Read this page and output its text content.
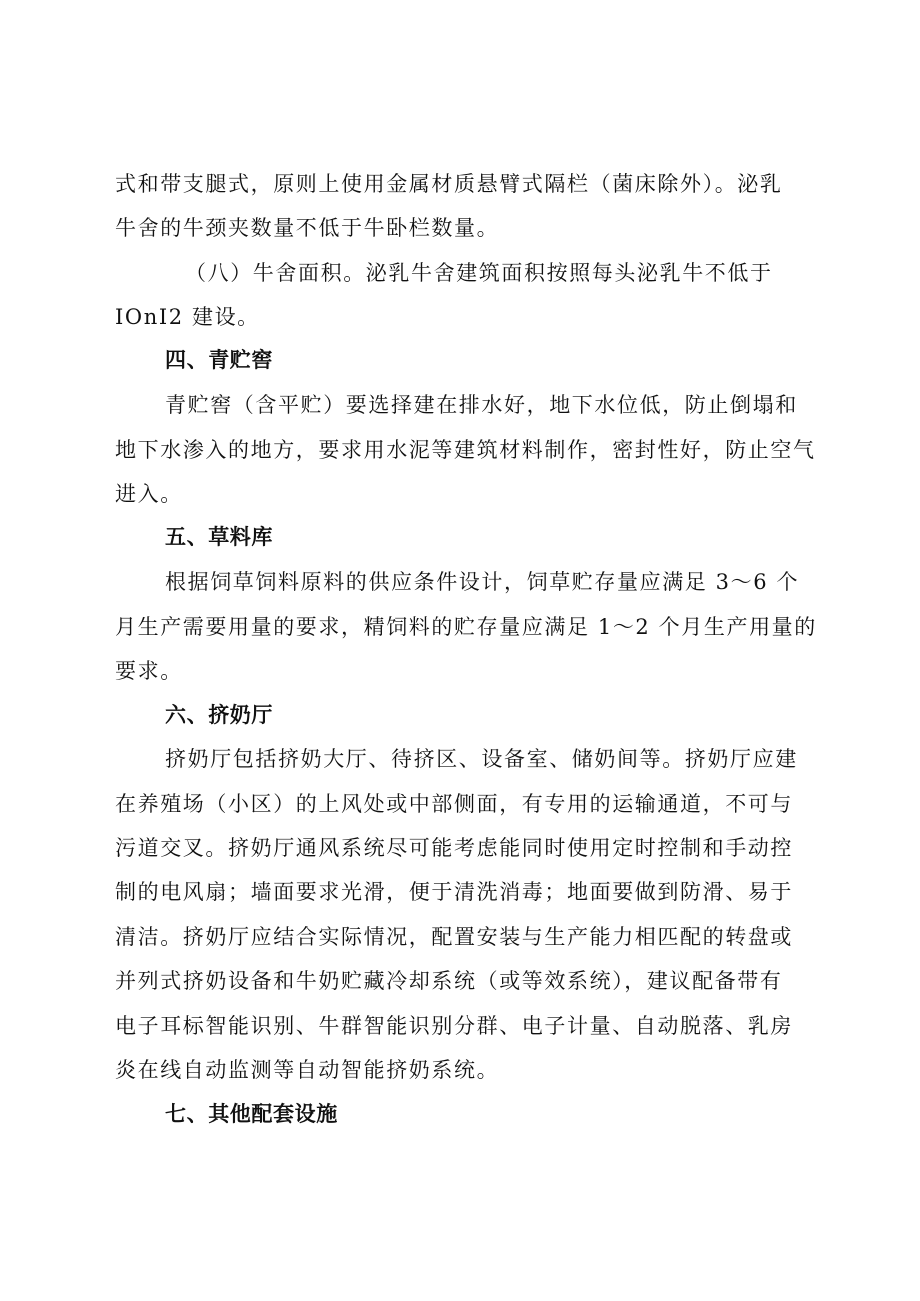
式和带支腿式，原则上使用金属材质悬臂式隔栏（菌床除外）。泌乳
牛舍的牛颈夹数量不低于牛卧栏数量。
（八）牛舍面积。泌乳牛舍建筑面积按照每头泌乳牛不低于
IOnI2 建设。
四、青贮窖
青贮窖（含平贮）要选择建在排水好，地下水位低，防止倒塌和
地下水渗入的地方，要求用水泥等建筑材料制作，密封性好，防止空气
进入。
五、草料库
根据饲草饲料原料的供应条件设计，饲草贮存量应满足 3～6 个
月生产需要用量的要求，精饲料的贮存量应满足 1～2 个月生产用量的
要求。
六、挤奶厅
挤奶厅包括挤奶大厅、待挤区、设备室、储奶间等。挤奶厅应建
在养殖场（小区）的上风处或中部侧面，有专用的运输通道，不可与
污道交叉。挤奶厅通风系统尽可能考虑能同时使用定时控制和手动控
制的电风扇；墙面要求光滑，便于清洗消毒；地面要做到防滑、易于
清洁。挤奶厅应结合实际情况，配置安装与生产能力相匹配的转盘或
并列式挤奶设备和牛奶贮藏冷却系统（或等效系统），建议配备带有
电子耳标智能识别、牛群智能识别分群、电子计量、自动脱落、乳房
炎在线自动监测等自动智能挤奶系统。
七、其他配套设施
